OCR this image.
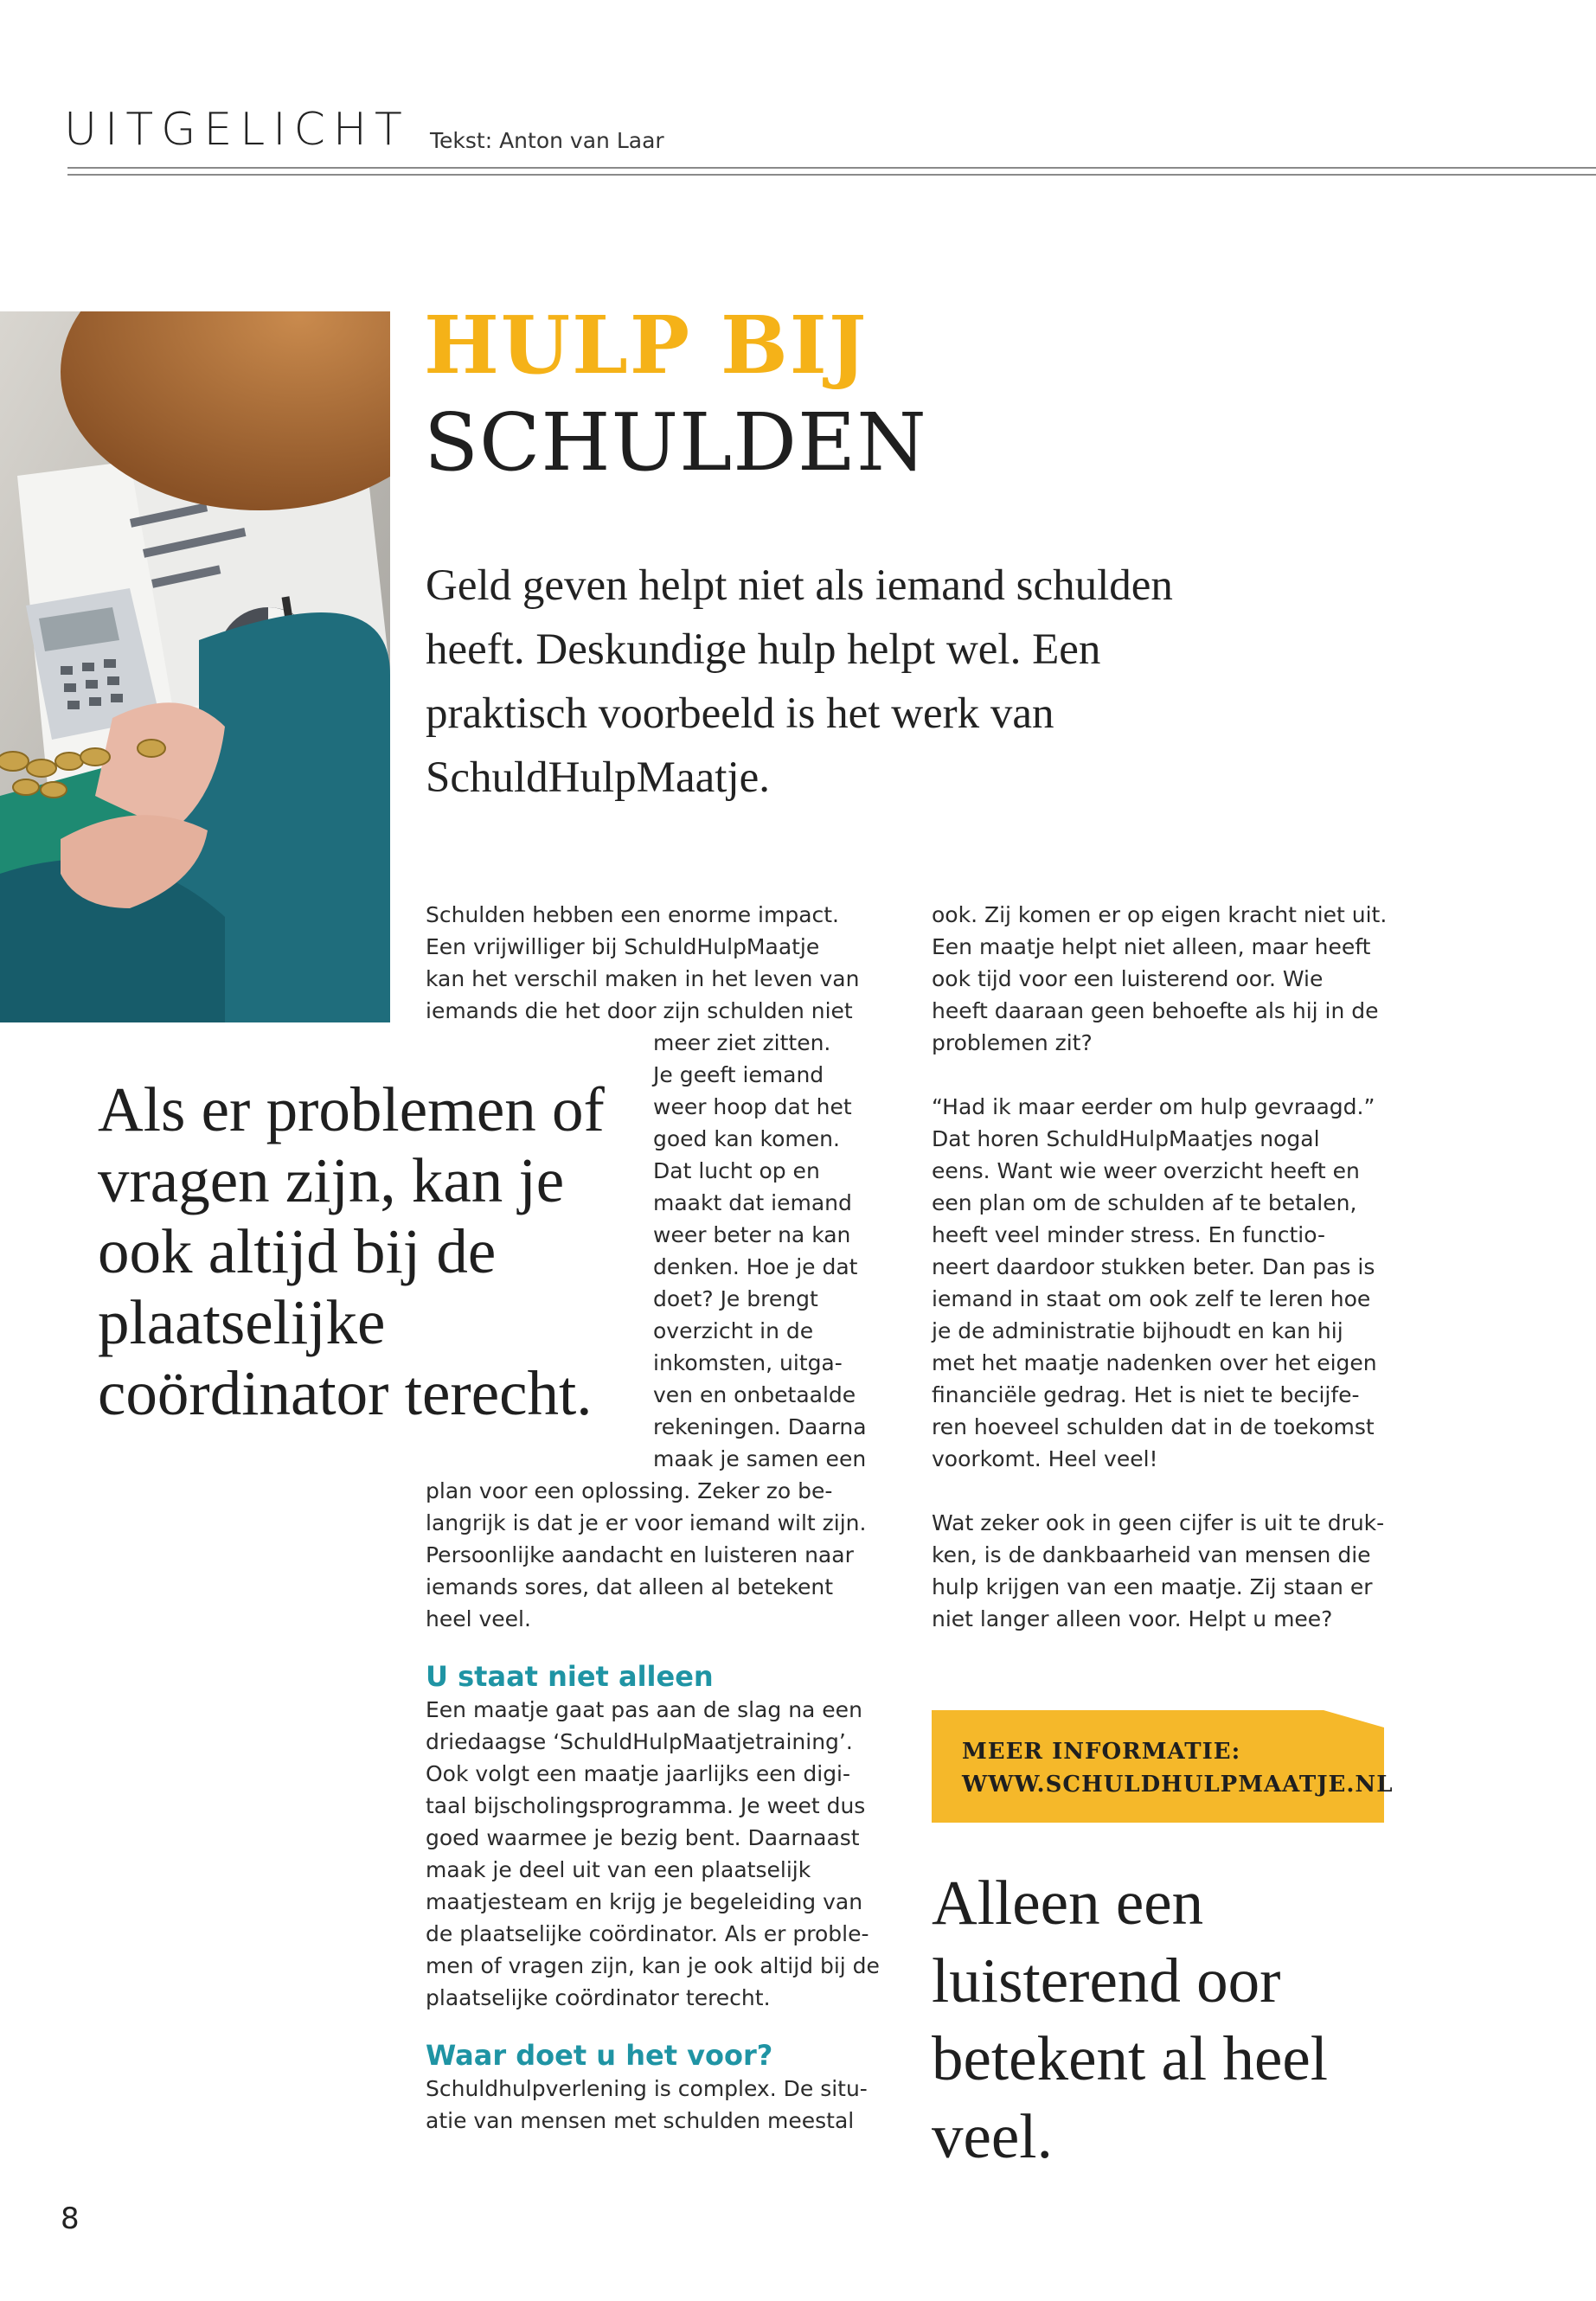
UITGELICHT Tekst: Anton van Laar
HULP BIJ
SCHULDEN
Geld geven helpt niet als iemand schulden heeft. Deskundige hulp helpt wel. Een praktisch voorbeeld is het werk van SchuldHulpMaatje.
Als er problemen of vragen zijn, kan je ook altijd bij de plaatselijke coördinator terecht.
Alleen een luisterend oor betekent al heel veel.
Schulden hebben een enorme impact.
Een vrijwilliger bij SchuldHulpMaatje
kan het verschil maken in het leven van
iemands die het door zijn schulden niet
meer ziet zitten.
Je geeft iemand
weer hoop dat het
goed kan komen.
Dat lucht op en
maakt dat iemand
weer beter na kan
denken. Hoe je dat
doet? Je brengt
overzicht in de
inkomsten, uitga-
ven en onbetaalde
rekeningen. Daarna
maak je samen een
plan voor een oplossing. Zeker zo be-
langrijk is dat je er voor iemand wilt zijn.
Persoonlijke aandacht en luisteren naar
iemands sores, dat alleen al betekent
heel veel.
U staat niet alleen
Een maatje gaat pas aan de slag na een
driedaagse ‘SchuldHulpMaatjetraining’.
Ook volgt een maatje jaarlijks een digi-
taal bijscholingsprogramma. Je weet dus
goed waarmee je bezig bent. Daarnaast
maak je deel uit van een plaatselijk
maatjesteam en krijg je begeleiding van
de plaatselijke coördinator. Als er proble-
men of vragen zijn, kan je ook altijd bij de
plaatselijke coördinator terecht.
Waar doet u het voor?
Schuldhulpverlening is complex. De situ-
atie van mensen met schulden meestal
ook. Zij komen er op eigen kracht niet uit.
Een maatje helpt niet alleen, maar heeft
ook tijd voor een luisterend oor. Wie
heeft daaraan geen behoefte als hij in de
problemen zit?
“Had ik maar eerder om hulp gevraagd.”
Dat horen SchuldHulpMaatjes nogal
eens. Want wie weer overzicht heeft en
een plan om de schulden af te betalen,
heeft veel minder stress. En functio-
neert daardoor stukken beter. Dan pas is
iemand in staat om ook zelf te leren hoe
je de administratie bijhoudt en kan hij
met het maatje nadenken over het eigen
financiële gedrag. Het is niet te becijfe-
ren hoeveel schulden dat in de toekomst
voorkomt. Heel veel!
Wat zeker ook in geen cijfer is uit te druk-
ken, is de dankbaarheid van mensen die
hulp krijgen van een maatje. Zij staan er
niet langer alleen voor. Helpt u mee?
MEER INFORMATIE:
WWW.SCHULDHULPMAATJE.NL
8
